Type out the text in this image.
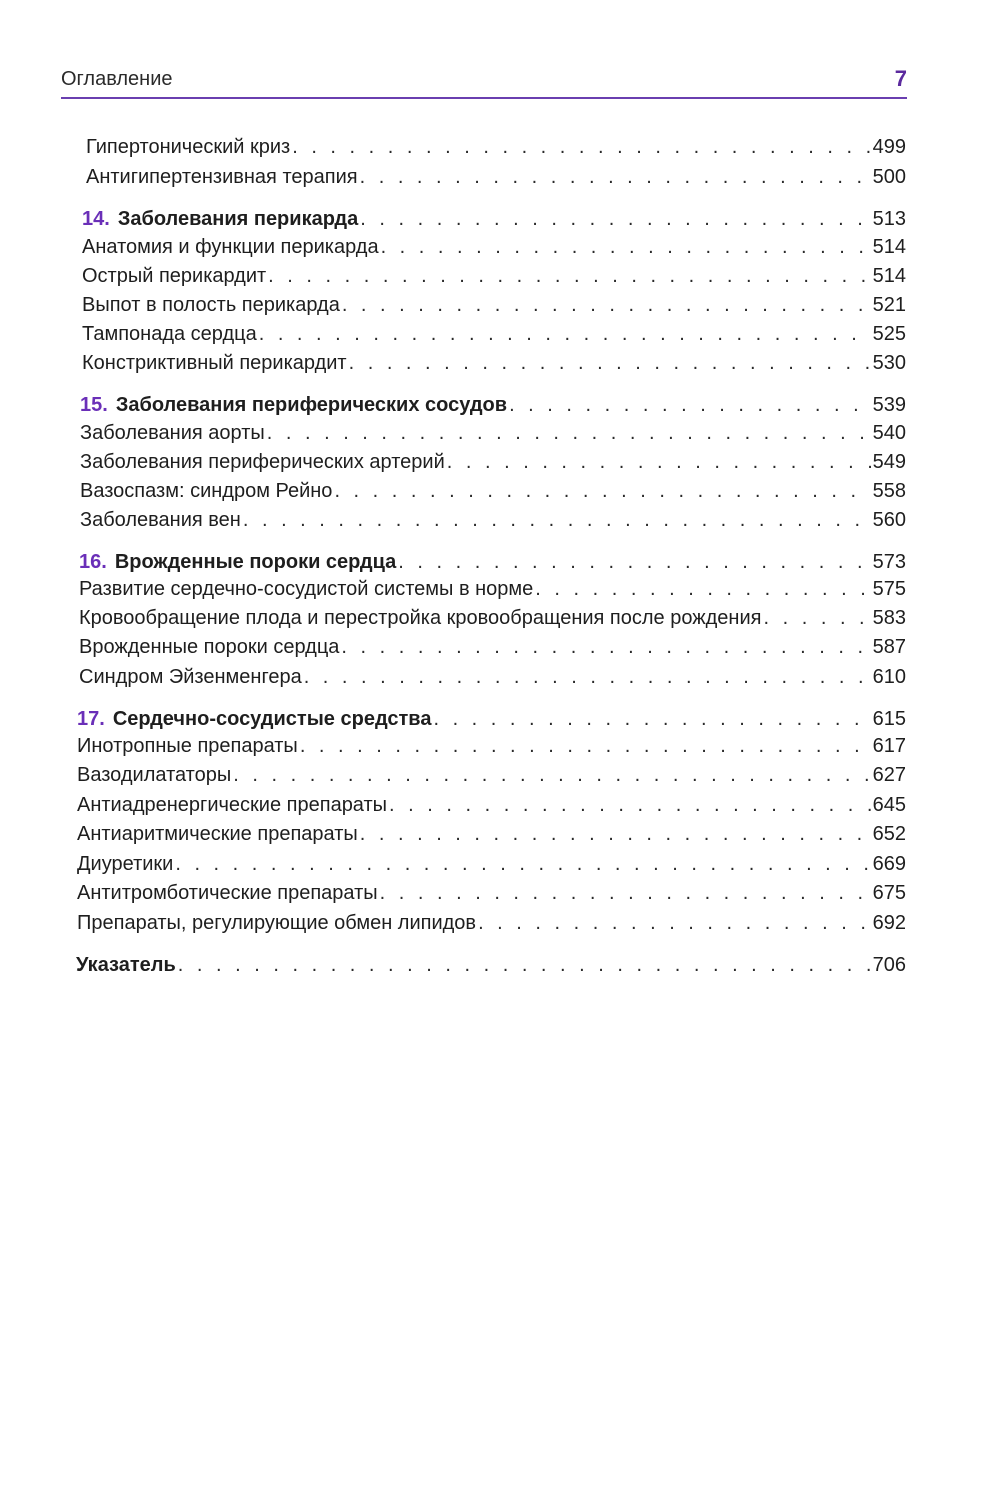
Оглавление	7
Гипертонический криз . . .	499
Антигипертензивная терапия . . .	500
14. Заболевания перикарда . . .	513
Анатомия и функции перикарда . . .	514
Острый перикардит . . .	514
Выпот в полость перикарда . . .	521
Тампонада сердца . . .	525
Констриктивный перикардит . . .	530
15. Заболевания периферических сосудов . . .	539
Заболевания аорты . . .	540
Заболевания периферических артерий . . .	549
Вазоспазм: синдром Рейно . . .	558
Заболевания вен . . .	560
16. Врожденные пороки сердца . . .	573
Развитие сердечно-сосудистой системы в норме . . .	575
Кровообращение плода и перестройка кровообращения после рождения . . .	583
Врожденные пороки сердца . . .	587
Синдром Эйзенменгера . . .	610
17. Сердечно-сосудистые средства . . .	615
Инотропные препараты . . .	617
Вазодилататоры . . .	627
Антиадренергические препараты . . .	645
Антиаритмические препараты . . .	652
Диуретики . . .	669
Антитромботические препараты . . .	675
Препараты, регулирующие обмен липидов . . .	692
Указатель . . .	706
